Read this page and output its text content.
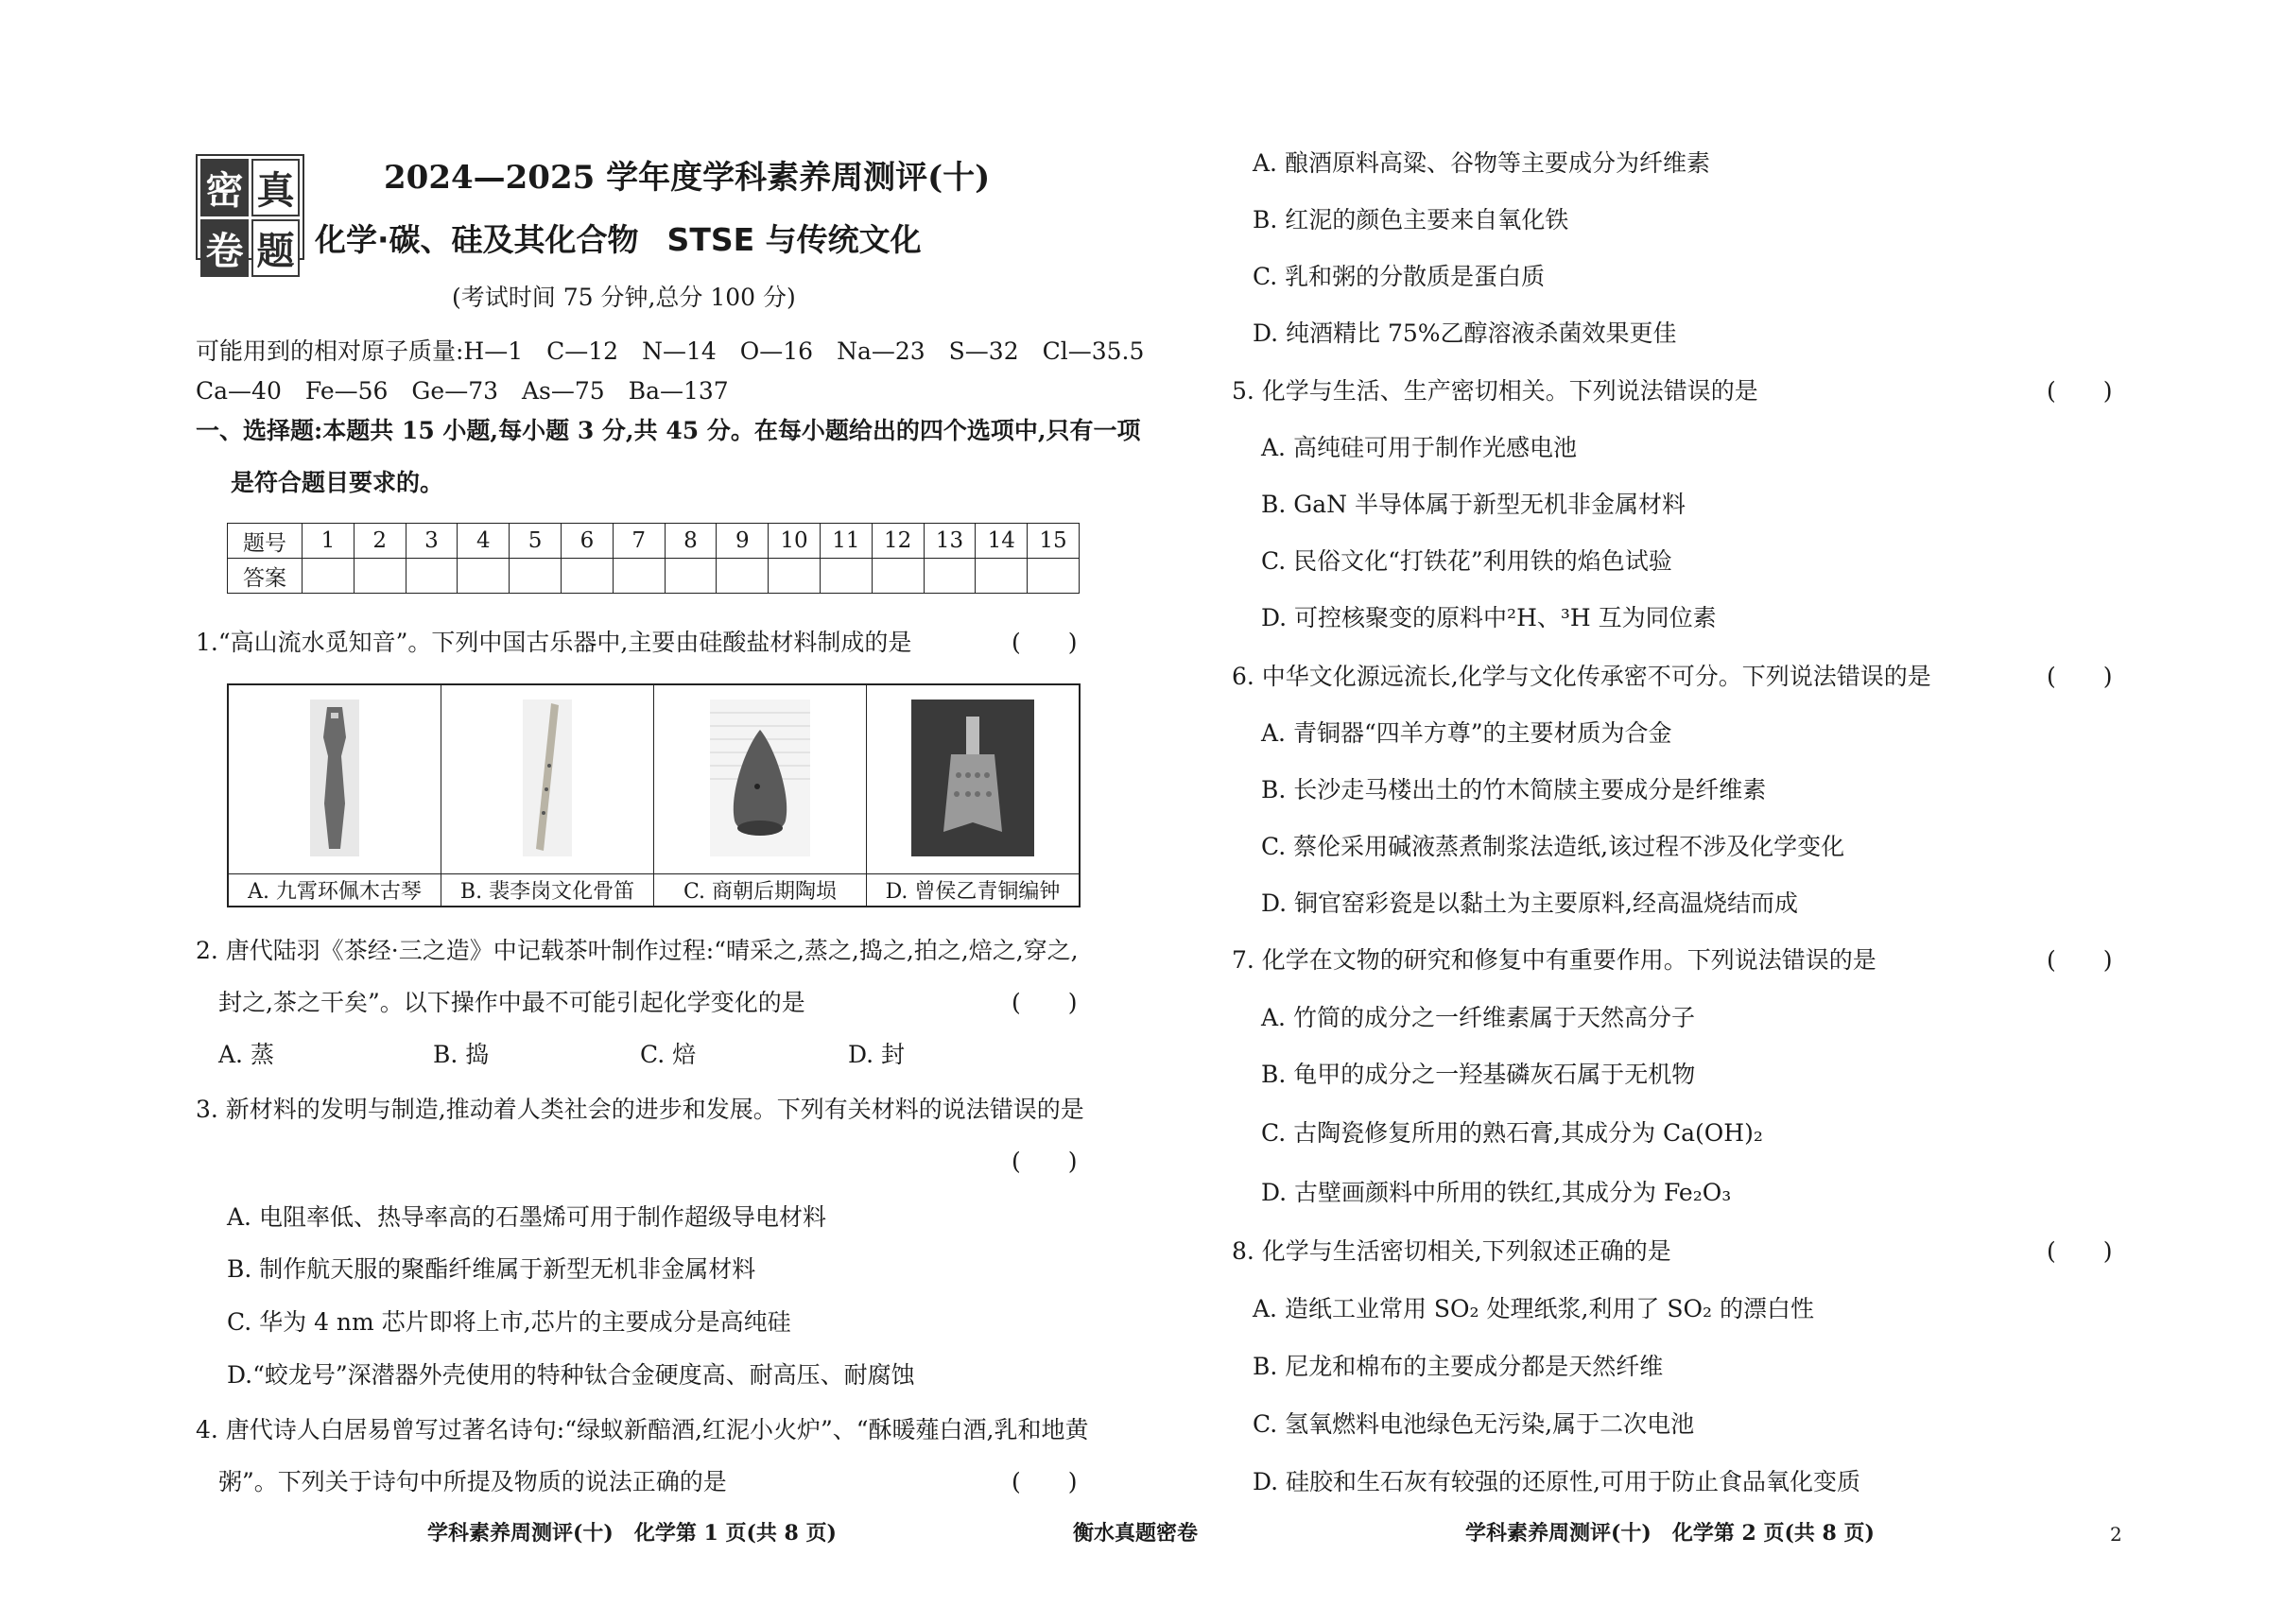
密 真
卷 题
2024—2025 学年度学科素养周测评(十)
化学·碳、硅及其化合物 STSE 与传统文化
(考试时间 75 分钟,总分 100 分)
可能用到的相对原子质量:H—1　C—12　N—14　O—16　Na—23　S—32　Cl—35.5
Ca—40　Fe—56　Ge—73　As—75　Ba—137
一、选择题:本题共 15 小题,每小题 3 分,共 45 分。在每小题给出的四个选项中,只有一项
是符合题目要求的。
题号	1	2	3	4	5	6	7	8	9	10	11	12	13	14	15
答案															
1.“高山流水觅知音”。下列中国古乐器中,主要由硅酸盐材料制成的是	(　　)
A. 九霄环佩木古琴	B. 裴李岗文化骨笛	C. 商朝后期陶埙	D. 曾侯乙青铜编钟
2. 唐代陆羽《茶经·三之造》中记载茶叶制作过程:“晴采之,蒸之,捣之,拍之,焙之,穿之,
封之,茶之干矣”。以下操作中最不可能引起化学变化的是	(　　)
A. 蒸	B. 捣	C. 焙	D. 封
3. 新材料的发明与制造,推动着人类社会的进步和发展。下列有关材料的说法错误的是
(　　)
A. 电阻率低、热导率高的石墨烯可用于制作超级导电材料
B. 制作航天服的聚酯纤维属于新型无机非金属材料
C. 华为 4 nm 芯片即将上市,芯片的主要成分是高纯硅
D.“蛟龙号”深潜器外壳使用的特种钛合金硬度高、耐高压、耐腐蚀
4. 唐代诗人白居易曾写过著名诗句:“绿蚁新醅酒,红泥小火炉”、“酥暖薤白酒,乳和地黄
粥”。下列关于诗句中所提及物质的说法正确的是	(　　)
A. 酿酒原料高粱、谷物等主要成分为纤维素
B. 红泥的颜色主要来自氧化铁
C. 乳和粥的分散质是蛋白质
D. 纯酒精比 75%乙醇溶液杀菌效果更佳
5. 化学与生活、生产密切相关。下列说法错误的是	(　　)
A. 高纯硅可用于制作光感电池
B. GaN 半导体属于新型无机非金属材料
C. 民俗文化“打铁花”利用铁的焰色试验
D. 可控核聚变的原料中²H、³H 互为同位素
6. 中华文化源远流长,化学与文化传承密不可分。下列说法错误的是	(　　)
A. 青铜器“四羊方尊”的主要材质为合金
B. 长沙走马楼出土的竹木简牍主要成分是纤维素
C. 蔡伦采用碱液蒸煮制浆法造纸,该过程不涉及化学变化
D. 铜官窑彩瓷是以黏土为主要原料,经高温烧结而成
7. 化学在文物的研究和修复中有重要作用。下列说法错误的是	(　　)
A. 竹简的成分之一纤维素属于天然高分子
B. 龟甲的成分之一羟基磷灰石属于无机物
C. 古陶瓷修复所用的熟石膏,其成分为 Ca(OH)₂
D. 古壁画颜料中所用的铁红,其成分为 Fe₂O₃
8. 化学与生活密切相关,下列叙述正确的是	(　　)
A. 造纸工业常用 SO₂ 处理纸浆,利用了 SO₂ 的漂白性
B. 尼龙和棉布的主要成分都是天然纤维
C. 氢氧燃料电池绿色无污染,属于二次电池
D. 硅胶和生石灰有较强的还原性,可用于防止食品氧化变质
学科素养周测评(十)　化学第 1 页(共 8 页)	衡水真题密卷	学科素养周测评(十)　化学第 2 页(共 8 页)	2
